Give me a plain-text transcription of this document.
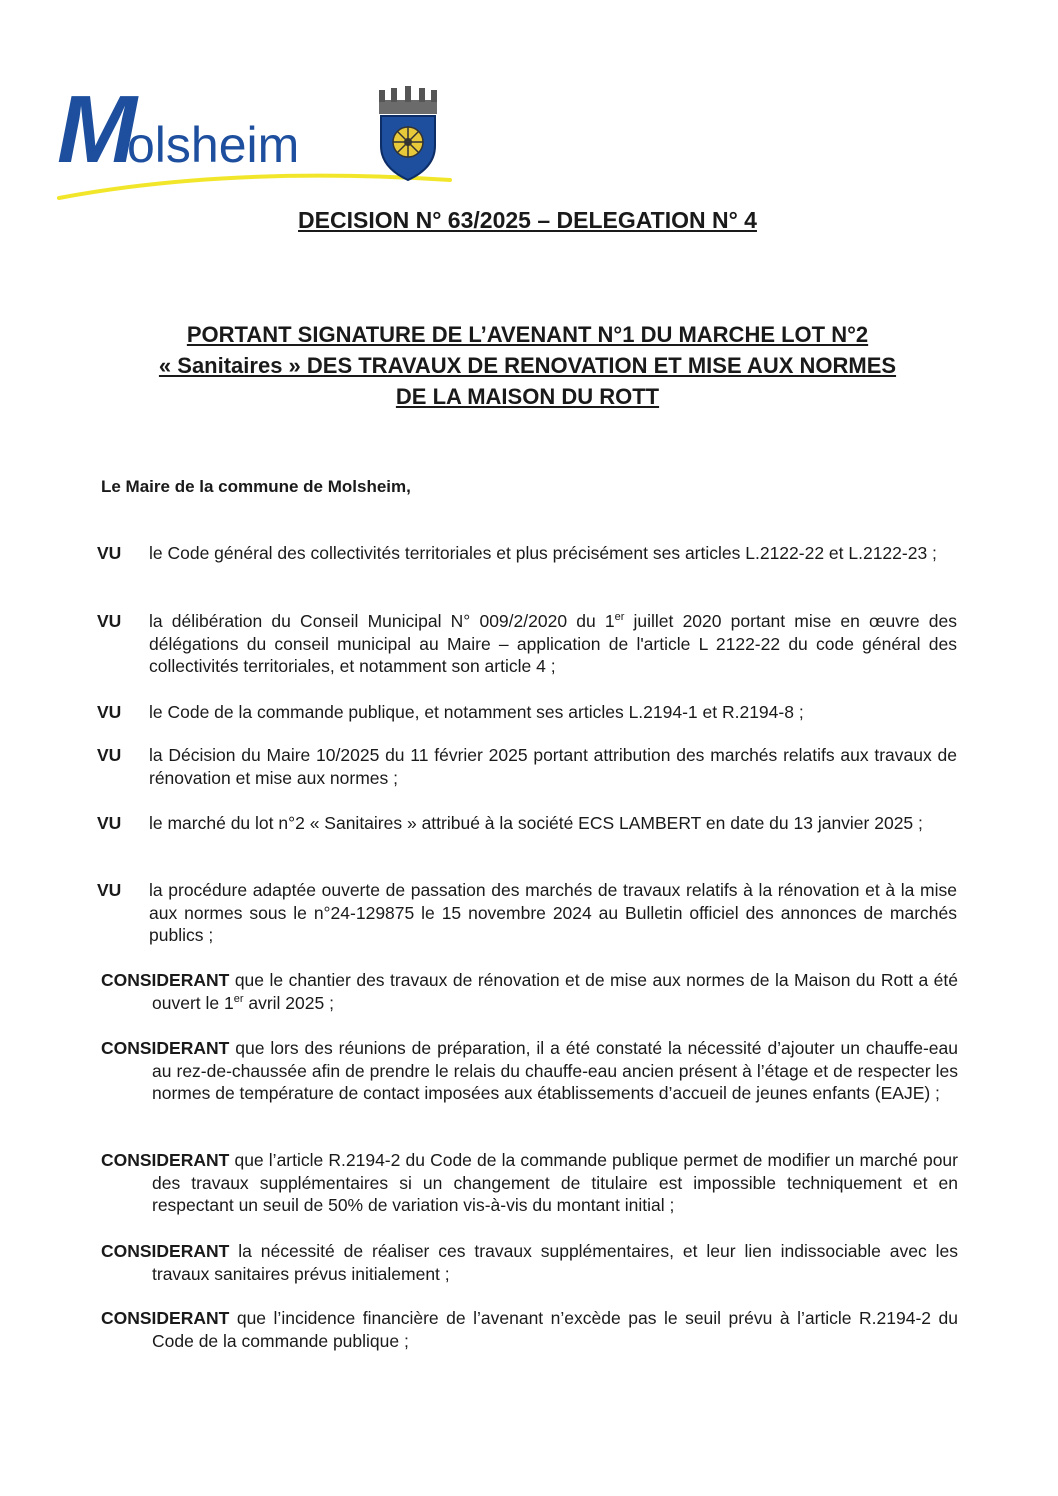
Molsheim
DECISION N° 63/2025 – DELEGATION N° 4
PORTANT SIGNATURE DE L’AVENANT N°1 DU MARCHE LOT N°2
« Sanitaires » DES TRAVAUX DE RENOVATION ET MISE AUX NORMES
DE LA MAISON DU ROTT
Le Maire de la commune de Molsheim,
VU le Code général des collectivités territoriales et plus précisément ses articles L.2122-22 et L.2122-23 ;
VU la délibération du Conseil Municipal N° 009/2/2020 du 1er juillet 2020 portant mise en œuvre des délégations du conseil municipal au Maire – application de l'article L 2122-22 du code général des collectivités territoriales, et notamment son article 4 ;
VU le Code de la commande publique, et notamment ses articles L.2194-1 et R.2194-8 ;
VU la Décision du Maire 10/2025 du 11 février 2025 portant attribution des marchés relatifs aux travaux de rénovation et mise aux normes ;
VU le marché du lot n°2 « Sanitaires » attribué à la société ECS LAMBERT en date du 13 janvier 2025 ;
VU la procédure adaptée ouverte de passation des marchés de travaux relatifs à la rénovation et à la mise aux normes sous le n°24-129875 le 15 novembre 2024 au Bulletin officiel des annonces de marchés publics ;
CONSIDERANT que le chantier des travaux de rénovation et de mise aux normes de la Maison du Rott a été ouvert le 1er avril 2025 ;
CONSIDERANT que lors des réunions de préparation, il a été constaté la nécessité d’ajouter un chauffe-eau au rez-de-chaussée afin de prendre le relais du chauffe-eau ancien présent à l’étage et de respecter les normes de température de contact imposées aux établissements d’accueil de jeunes enfants (EAJE) ;
CONSIDERANT que l’article R.2194-2 du Code de la commande publique permet de modifier un marché pour des travaux supplémentaires si un changement de titulaire est impossible techniquement et en respectant un seuil de 50% de variation vis-à-vis du montant initial ;
CONSIDERANT la nécessité de réaliser ces travaux supplémentaires, et leur lien indissociable avec les travaux sanitaires prévus initialement ;
CONSIDERANT que l’incidence financière de l’avenant n’excède pas le seuil prévu à l’article R.2194-2 du Code de la commande publique ;
